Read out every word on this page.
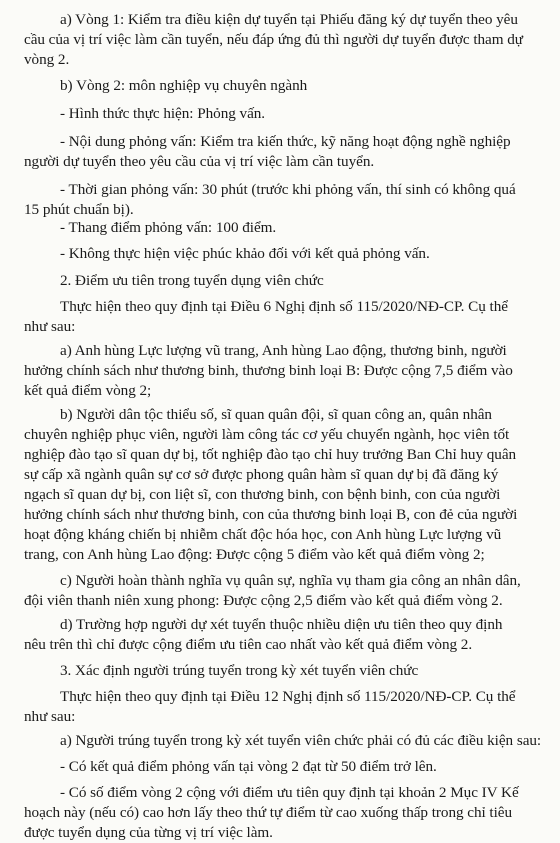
a) Vòng 1: Kiểm tra điều kiện dự tuyển tại Phiếu đăng ký dự tuyển theo yêu
cầu của vị trí việc làm cần tuyển, nếu đáp ứng đủ thì người dự tuyển được tham dự
vòng 2.
b) Vòng 2: môn nghiệp vụ chuyên ngành
- Hình thức thực hiện: Phỏng vấn.
- Nội dung phỏng vấn: Kiểm tra kiến thức, kỹ năng hoạt động nghề nghiệp
người dự tuyển theo yêu cầu của vị trí việc làm cần tuyển.
- Thời gian phỏng vấn: 30 phút (trước khi phỏng vấn, thí sinh có không quá
15 phút chuẩn bị).
- Thang điểm phỏng vấn: 100 điểm.
- Không thực hiện việc phúc khảo đối với kết quả phỏng vấn.
2. Điểm ưu tiên trong tuyển dụng viên chức
Thực hiện theo quy định tại Điều 6 Nghị định số 115/2020/NĐ-CP. Cụ thể
như sau:
a) Anh hùng Lực lượng vũ trang, Anh hùng Lao động, thương binh, người
hưởng chính sách như thương binh, thương binh loại B: Được cộng 7,5 điểm vào
kết quả điểm vòng 2;
b) Người dân tộc thiểu số, sĩ quan quân đội, sĩ quan công an, quân nhân
chuyên nghiệp phục viên, người làm công tác cơ yếu chuyển ngành, học viên tốt
nghiệp đào tạo sĩ quan dự bị, tốt nghiệp đào tạo chỉ huy trưởng Ban Chỉ huy quân
sự cấp xã ngành quân sự cơ sở được phong quân hàm sĩ quan dự bị đã đăng ký
ngạch sĩ quan dự bị, con liệt sĩ, con thương binh, con bệnh binh, con của người
hưởng chính sách như thương binh, con của thương binh loại B, con đẻ của người
hoạt động kháng chiến bị nhiễm chất độc hóa học, con Anh hùng Lực lượng vũ
trang, con Anh hùng Lao động: Được cộng 5 điểm vào kết quả điểm vòng 2;
c) Người hoàn thành nghĩa vụ quân sự, nghĩa vụ tham gia công an nhân dân,
đội viên thanh niên xung phong: Được cộng 2,5 điểm vào kết quả điểm vòng 2.
d) Trường hợp người dự xét tuyển thuộc nhiều diện ưu tiên theo quy định
nêu trên thì chỉ được cộng điểm ưu tiên cao nhất vào kết quả điểm vòng 2.
3. Xác định người trúng tuyển trong kỳ xét tuyển viên chức
Thực hiện theo quy định tại Điều 12 Nghị định số 115/2020/NĐ-CP. Cụ thể
như sau:
a) Người trúng tuyển trong kỳ xét tuyển viên chức phải có đủ các điều kiện sau:
- Có kết quả điểm phỏng vấn tại vòng 2 đạt từ 50 điểm trở lên.
- Có số điểm vòng 2 cộng với điểm ưu tiên quy định tại khoản 2 Mục IV Kế
hoạch này (nếu có) cao hơn lấy theo thứ tự điểm từ cao xuống thấp trong chỉ tiêu
được tuyển dụng của từng vị trí việc làm.
